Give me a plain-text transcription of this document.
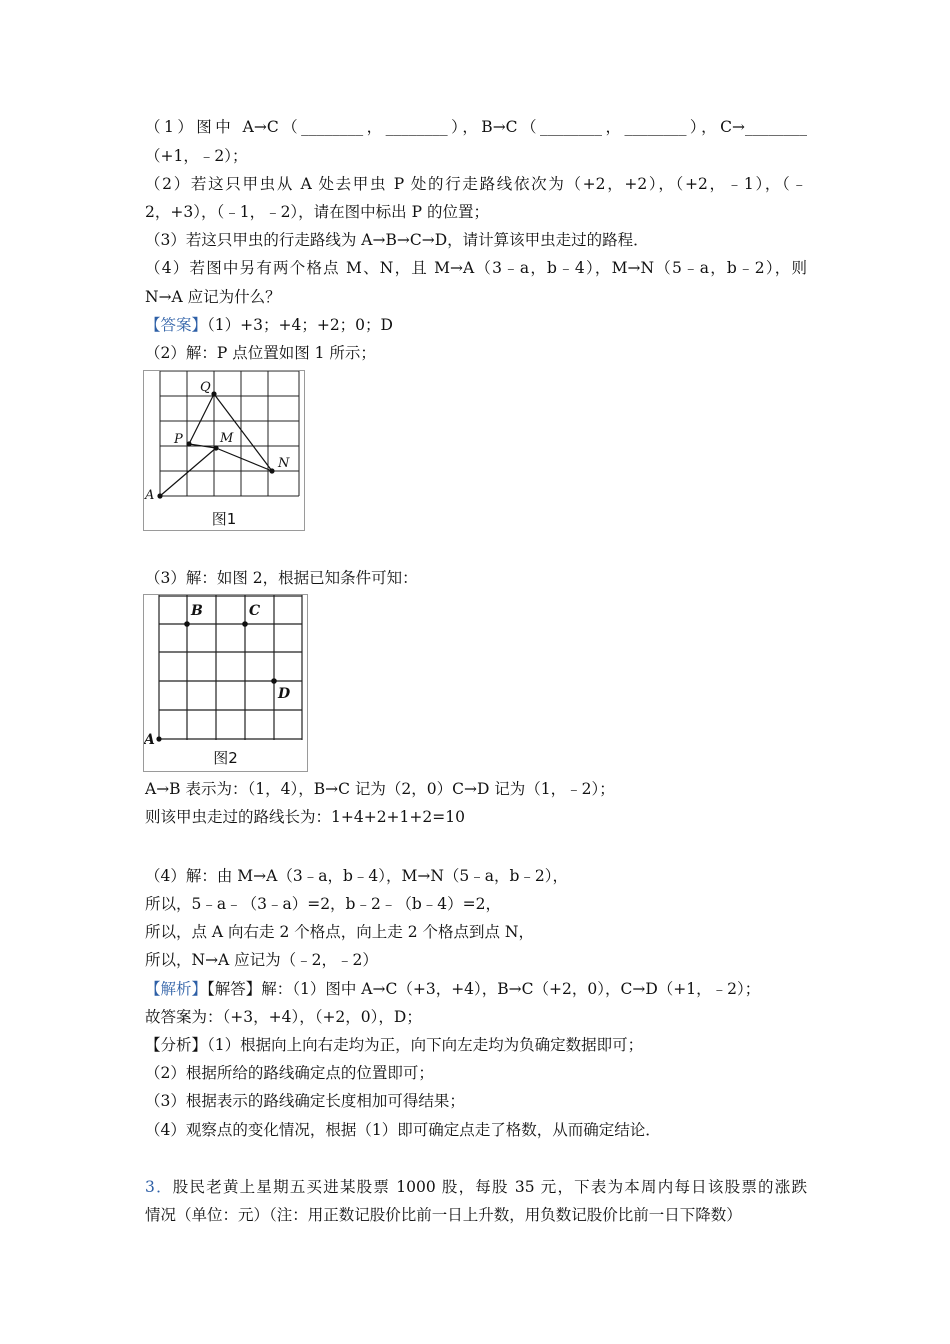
（1）图中 A→C（________，________），B→C（________，________），C→________
（+1，﹣2）；
（2）若这只甲虫从 A 处去甲虫 P 处的行走路线依次为（+2，+2），（+2，﹣1），（﹣
2，+3），（﹣1，﹣2），请在图中标出 P 的位置；
（3）若这只甲虫的行走路线为 A→B→C→D，请计算该甲虫走过的路程．
（4）若图中另有两个格点 M、N，且 M→A（3﹣a，b﹣4），M→N（5﹣a，b﹣2），则
N→A 应记为什么？
【答案】（1）+3；+4；+2；0；D
（2）解：P 点位置如图 1 所示；
Q
P	M
N
A
图1
（3）解：如图 2，根据已知条件可知：
B	C
D
A
图2
A→B 表示为：（1，4），B→C 记为（2，0）C→D 记为（1，﹣2）；
则该甲虫走过的路线长为：1+4+2+1+2=10
（4）解：由 M→A（3﹣a，b﹣4），M→N（5﹣a，b﹣2），
所以，5﹣a﹣（3﹣a）=2，b﹣2﹣（b﹣4）=2，
所以，点 A 向右走 2 个格点，向上走 2 个格点到点 N，
所以，N→A 应记为（﹣2，﹣2）
【解析】【解答】解：（1）图中 A→C（+3，+4），B→C（+2，0），C→D（+1，﹣2）；
故答案为：（+3，+4），（+2，0），D；
【分析】（1）根据向上向右走均为正，向下向左走均为负确定数据即可；
（2）根据所给的路线确定点的位置即可；
（3）根据表示的路线确定长度相加可得结果；
（4）观察点的变化情况，根据（1）即可确定点走了格数，从而确定结论．
3．股民老黄上星期五买进某股票 1000 股，每股 35 元，下表为本周内每日该股票的涨跌
情况（单位：元）（注：用正数记股价比前一日上升数，用负数记股价比前一日下降数）
